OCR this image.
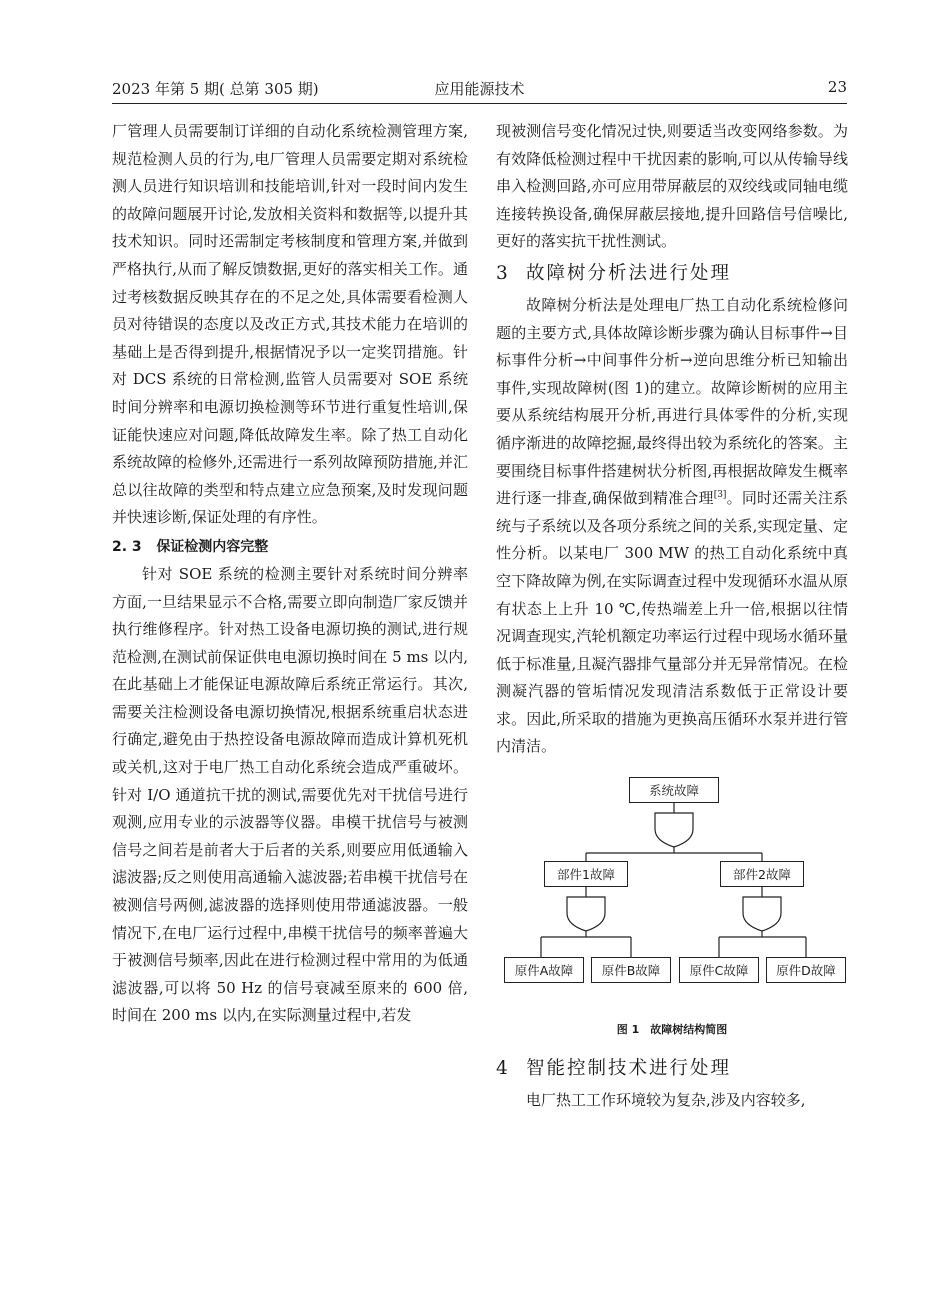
2023 年第 5 期( 总第 305 期)	应用能源技术	23

厂管理人员需要制订详细的自动化系统检测管理方案,规范检测人员的行为,电厂管理人员需要定期对系统检测人员进行知识培训和技能培训,针对一段时间内发生的故障问题展开讨论,发放相关资料和数据等,以提升其技术知识。同时还需制定考核制度和管理方案,并做到严格执行,从而了解反馈数据,更好的落实相关工作。通过考核数据反映其存在的不足之处,具体需要看检测人员对待错误的态度以及改正方式,其技术能力在培训的基础上是否得到提升,根据情况予以一定奖罚措施。针对 DCS 系统的日常检测,监管人员需要对 SOE 系统时间分辨率和电源切换检测等环节进行重复性培训,保证能快速应对问题,降低故障发生率。除了热工自动化系统故障的检修外,还需进行一系列故障预防措施,并汇总以往故障的类型和特点建立应急预案,及时发现问题并快速诊断,保证处理的有序性。

2. 3 保证检测内容完整

针对 SOE 系统的检测主要针对系统时间分辨率方面,一旦结果显示不合格,需要立即向制造厂家反馈并执行维修程序。针对热工设备电源切换的测试,进行规范检测,在测试前保证供电电源切换时间在 5 ms 以内,在此基础上才能保证电源故障后系统正常运行。其次,需要关注检测设备电源切换情况,根据系统重启状态进行确定,避免由于热控设备电源故障而造成计算机死机或关机,这对于电厂热工自动化系统会造成严重破坏。针对 I/O 通道抗干扰的测试,需要优先对干扰信号进行观测,应用专业的示波器等仪器。串模干扰信号与被测信号之间若是前者大于后者的关系,则要应用低通输入滤波器;反之则使用高通输入滤波器;若串模干扰信号在被测信号两侧,滤波器的选择则使用带通滤波器。一般情况下,在电厂运行过程中,串模干扰信号的频率普遍大于被测信号频率,因此在进行检测过程中常用的为低通滤波器,可以将 50 Hz 的信号衰减至原来的 600 倍,时间在 200 ms 以内,在实际测量过程中,若发

现被测信号变化情况过快,则要适当改变网络参数。为有效降低检测过程中干扰因素的影响,可以从传输导线串入检测回路,亦可应用带屏蔽层的双绞线或同轴电缆连接转换设备,确保屏蔽层接地,提升回路信号信噪比,更好的落实抗干扰性测试。

3 故障树分析法进行处理

故障树分析法是处理电厂热工自动化系统检修问题的主要方式,具体故障诊断步骤为确认目标事件→目标事件分析→中间事件分析→逆向思维分析已知输出事件,实现故障树(图 1)的建立。故障诊断树的应用主要从系统结构展开分析,再进行具体零件的分析,实现循序渐进的故障挖掘,最终得出较为系统化的答案。主要围绕目标事件搭建树状分析图,再根据故障发生概率进行逐一排查,确保做到精准合理[3]。同时还需关注系统与子系统以及各项分系统之间的关系,实现定量、定性分析。以某电厂 300 MW 的热工自动化系统中真空下降故障为例,在实际调查过程中发现循环水温从原有状态上上升 10 ℃,传热端差上升一倍,根据以往情况调查现实,汽轮机额定功率运行过程中现场水循环量低于标准量,且凝汽器排气量部分并无异常情况。在检测凝汽器的管垢情况发现清洁系数低于正常设计要求。因此,所采取的措施为更换高压循环水泵并进行管内清洁。

系统故障
部件1故障	部件2故障
原件A故障	原件B故障	原件C故障	原件D故障
图 1　故障树结构简图
4 智能控制技术进行处理

电厂热工工作环境较为复杂,涉及内容较多,
